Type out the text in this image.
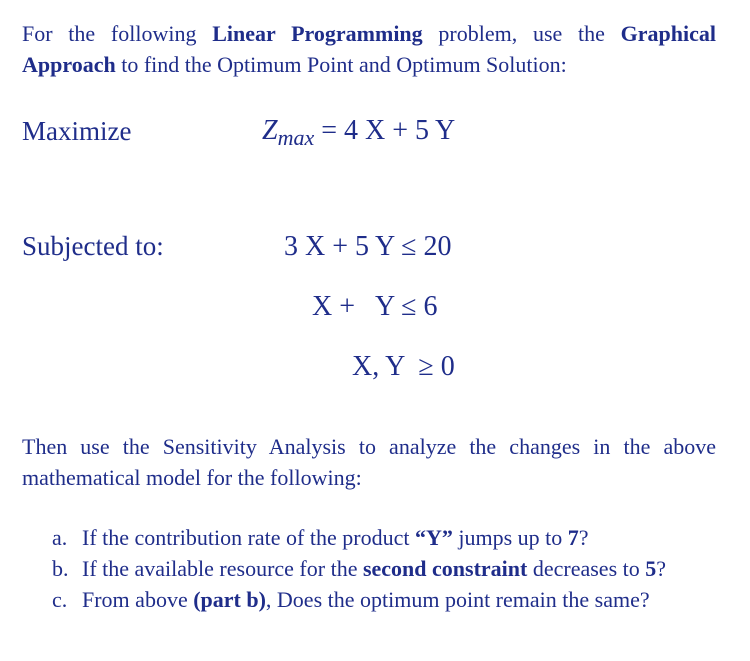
For the following Linear Programming problem, use the Graphical Approach to find the Optimum Point and Optimum Solution:
Maximize	$Z_{max} = 4$ X + 5 Y
Subjected to:	3 X + 5 Y ≤ 20
X +   Y ≤ 6
X, Y  ≥ 0
Then use the Sensitivity Analysis to analyze the changes in the above mathematical model for the following:
a. If the contribution rate of the product “Y” jumps up to 7?
b. If the available resource for the second constraint decreases to 5?
c. From above (part b), Does the optimum point remain the same?
